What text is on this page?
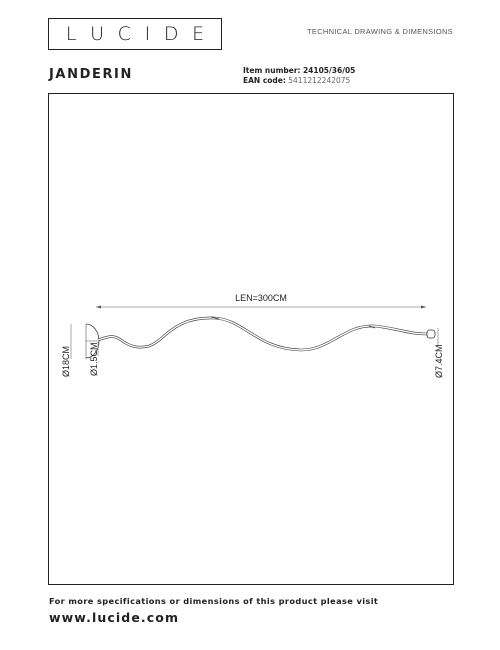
L U C I D E	TECHNICAL DRAWING & DIMENSIONS
JANDERIN	Item number: 24105/36/05
EAN code: 5411212242075
LEN=300CM
Ø18CM Ø1.5CM	Ø7.4CM
For more specifications or dimensions of this product please visit
www.lucide.com
